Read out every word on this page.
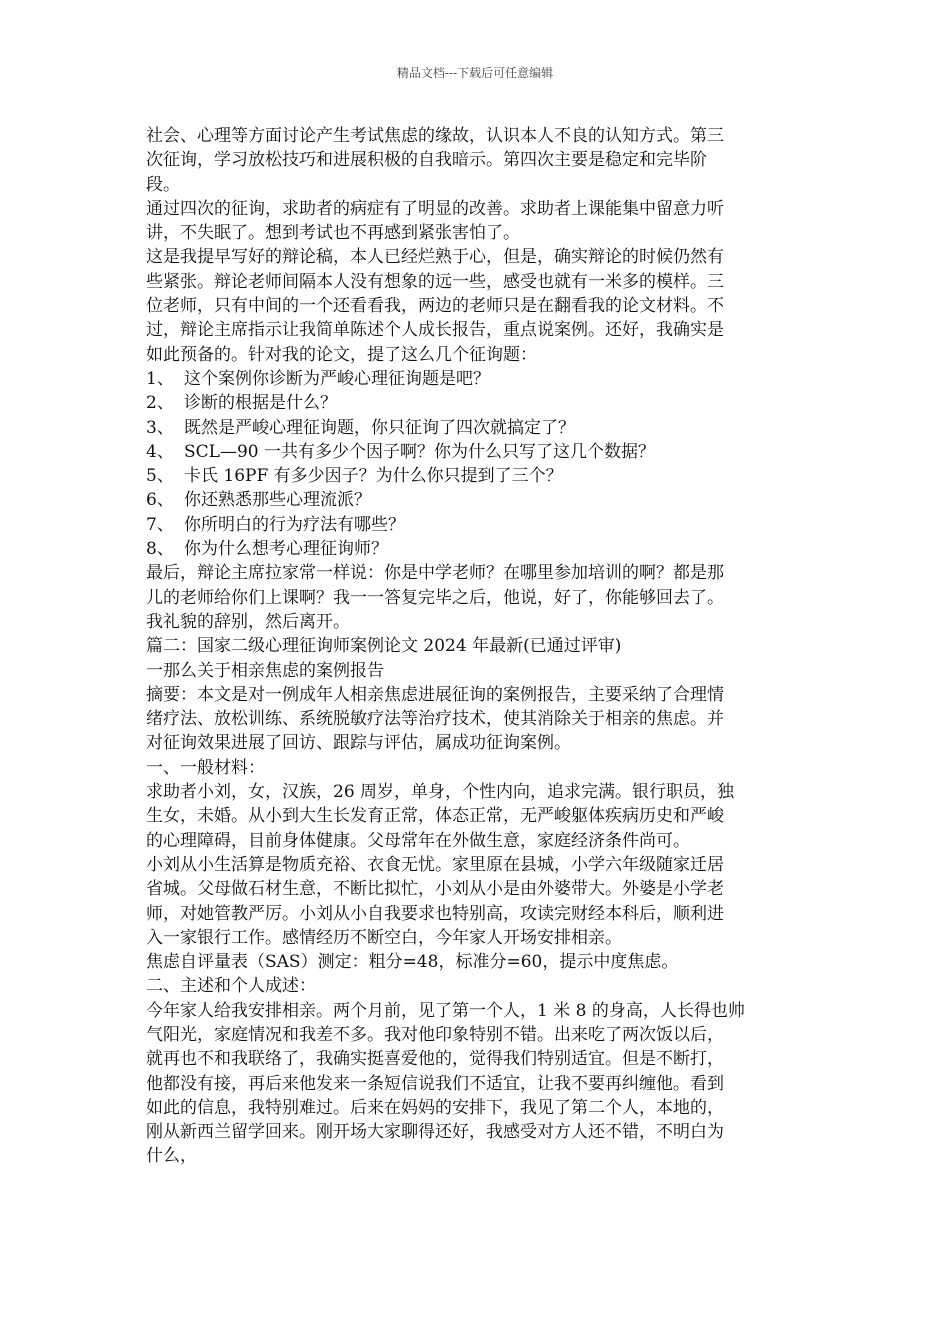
精品文档---下载后可任意编辑

社会、心理等方面讨论产生考试焦虑的缘故，认识本人不良的认知方式。第三

次征询，学习放松技巧和进展积极的自我暗示。第四次主要是稳定和完毕阶

段。

通过四次的征询，求助者的病症有了明显的改善。求助者上课能集中留意力听

讲，不失眠了。想到考试也不再感到紧张害怕了。

这是我提早写好的辩论稿，本人已经烂熟于心，但是，确实辩论的时候仍然有

些紧张。辩论老师间隔本人没有想象的远一些，感受也就有一米多的模样。三

位老师，只有中间的一个还看看我，两边的老师只是在翻看我的论文材料。不

过，辩论主席指示让我简单陈述个人成长报告，重点说案例。还好，我确实是

如此预备的。针对我的论文，提了这么几个征询题：

1、 这个案例你诊断为严峻心理征询题是吧？
2、 诊断的根据是什么？
3、 既然是严峻心理征询题，你只征询了四次就搞定了？
4、 SCL—90 一共有多少个因子啊？你为什么只写了这几个数据？
5、 卡氏 16PF 有多少因子？为什么你只提到了三个？
6、 你还熟悉那些心理流派？
7、 你所明白的行为疗法有哪些？
8、 你为什么想考心理征询师？

最后，辩论主席拉家常一样说：你是中学老师？在哪里参加培训的啊？都是那

儿的老师给你们上课啊？我一一答复完毕之后，他说，好了，你能够回去了。

我礼貌的辞别，然后离开。

篇二：国家二级心理征询师案例论文 2024 年最新(已通过评审)

一那么关于相亲焦虑的案例报告

摘要：本文是对一例成年人相亲焦虑进展征询的案例报告，主要采纳了合理情

绪疗法、放松训练、系统脱敏疗法等治疗技术，使其消除关于相亲的焦虑。并

对征询效果进展了回访、跟踪与评估，属成功征询案例。

一、一般材料：

求助者小刘，女，汉族，26 周岁，单身，个性内向，追求完满。银行职员，独

生女，未婚。从小到大生长发育正常，体态正常，无严峻躯体疾病历史和严峻

的心理障碍，目前身体健康。父母常年在外做生意，家庭经济条件尚可。

小刘从小生活算是物质充裕、衣食无忧。家里原在县城，小学六年级随家迁居

省城。父母做石材生意，不断比拟忙，小刘从小是由外婆带大。外婆是小学老

师，对她管教严厉。小刘从小自我要求也特别高，攻读完财经本科后，顺利进

入一家银行工作。感情经历不断空白，今年家人开场安排相亲。

焦虑自评量表（SAS）测定：粗分=48，标准分=60，提示中度焦虑。

二、主述和个人成述：

今年家人给我安排相亲。两个月前，见了第一个人，1 米 8 的身高，人长得也帅

气阳光，家庭情况和我差不多。我对他印象特别不错。出来吃了两次饭以后，

就再也不和我联络了，我确实挺喜爱他的，觉得我们特别适宜。但是不断打，

他都没有接，再后来他发来一条短信说我们不适宜，让我不要再纠缠他。看到

如此的信息，我特别难过。后来在妈妈的安排下，我见了第二个人，本地的，

刚从新西兰留学回来。刚开场大家聊得还好，我感受对方人还不错，不明白为

什么，
